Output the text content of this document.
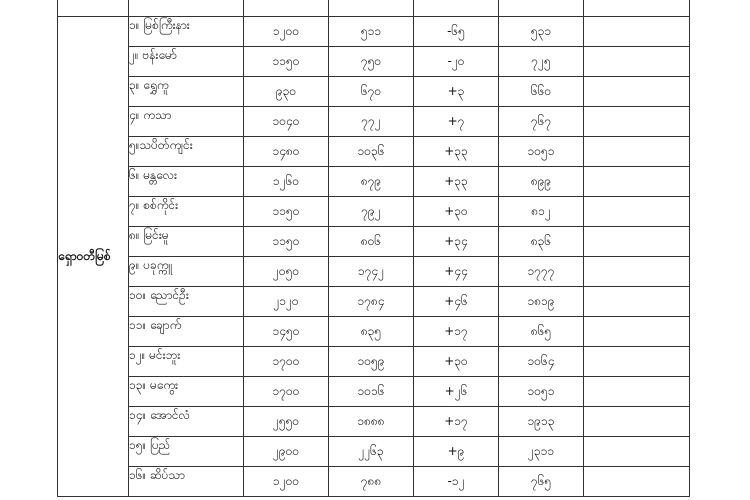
ရှောဝတီမြစ်	၁။ မြစ်ကြီးနား	၁၂၀၀	၅၁၁	-၆၅	၅၃၁	
	၂။ ဗန်းမော်	၁၁၅၀	၇၅၀	-၂၀	၇၂၅	
	၃။ ရွှေကူ	၉၃၀	၆၇၀	+၃	၆၆၀	
	၄။ ကသာ	၁၀၄၀	၇၇၂	+၇	၇၆၇	
	၅။သပိတ်ကျင်း	၁၄၈၀	၁၀၃၆	+၃၃	၁၀၅၁	
	၆။ မန္တလေး	၁၂၆၀	၈၇၉	+၃၃	၈၉၉	
	၇။ စစ်ကိုင်း	၁၁၅၀	၇၉၂	+၃၀	၈၁၂	
	၈။ မြင်းမူ	၁၁၅၀	၈၀၆	+၃၄	၈၃၆	
	၉။ ပခုက္ကူ	၂၀၅၀	၁၇၄၂	+၄၄	၁၇၇၇	
	၁၀။ ညောင်ဦး	၂၁၂၀	၁၇၈၄	+၄၆	၁၈၁၉	
	၁၁။ ချောက်	၁၄၅၀	၈၃၅	+၁၇	၈၆၅	
	၁၂။ မင်းဘူး	၁၇၀၀	၁၀၅၉	+၃၀	၁၀၆၄	
	၁၃။ မကွေး	၁၇၀၀	၁၀၁၆	+၂၆	၁၀၅၁	
	၁၄။ အောင်လံ	၂၅၅၀	၁၈၈၈	+၁၇	၁၉၁၃	
	၁၅။ ပြည်	၂၉၀၀	၂၂၆၃	+၉	၂၃၁၁	
	၁၆။ ဆိပ်သာ	၁၂၀၀	၇၈၈	-၁၂	၇၆၅	
